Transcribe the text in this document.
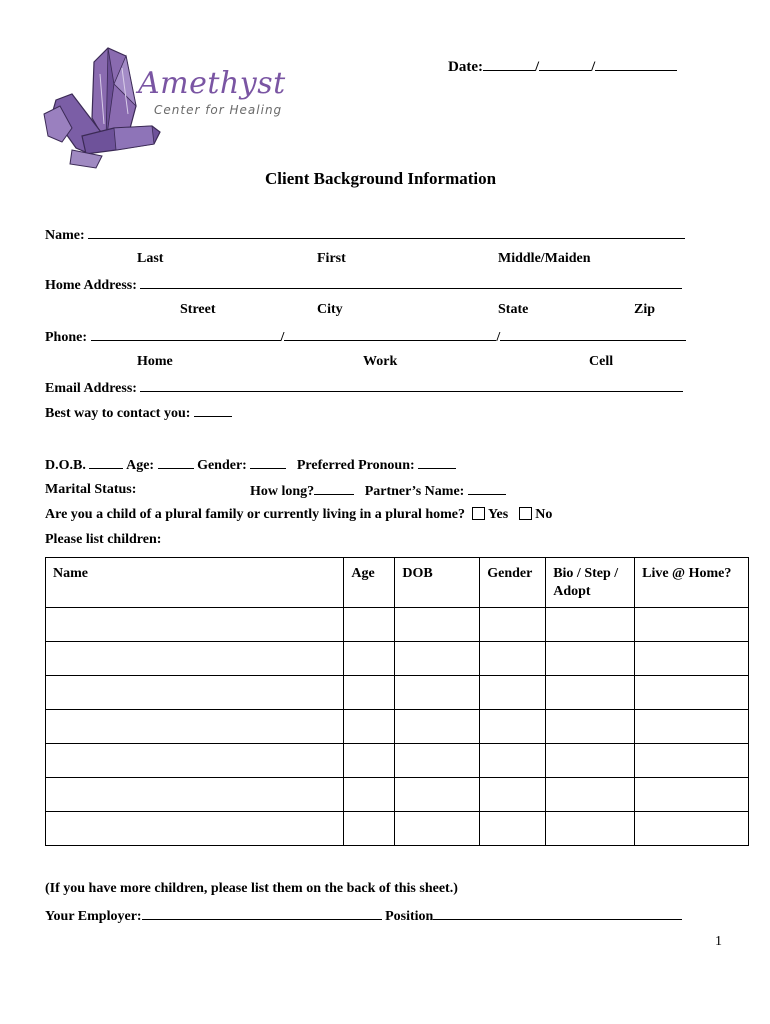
Amethyst
Center for Healing
Date:	/	/
Client Background Information
Name:
Last	First	Middle/Maiden
Home Address:
Street	City	State	Zip
Phone:	/	/
Home	Work	Cell
Email Address:
Best way to contact you:
D.O.B.	Age:	Gender:	Preferred Pronoun:
Marital Status:	How long?	Partner’s Name:
Are you a child of a plural family or currently living in a plural home? Yes No
Please list children:
Name	Age	DOB	Gender	Bio / Step / Adopt	Live @ Home?

(If you have more children, please list them on the back of this sheet.)
Your Employer:	Position
1
